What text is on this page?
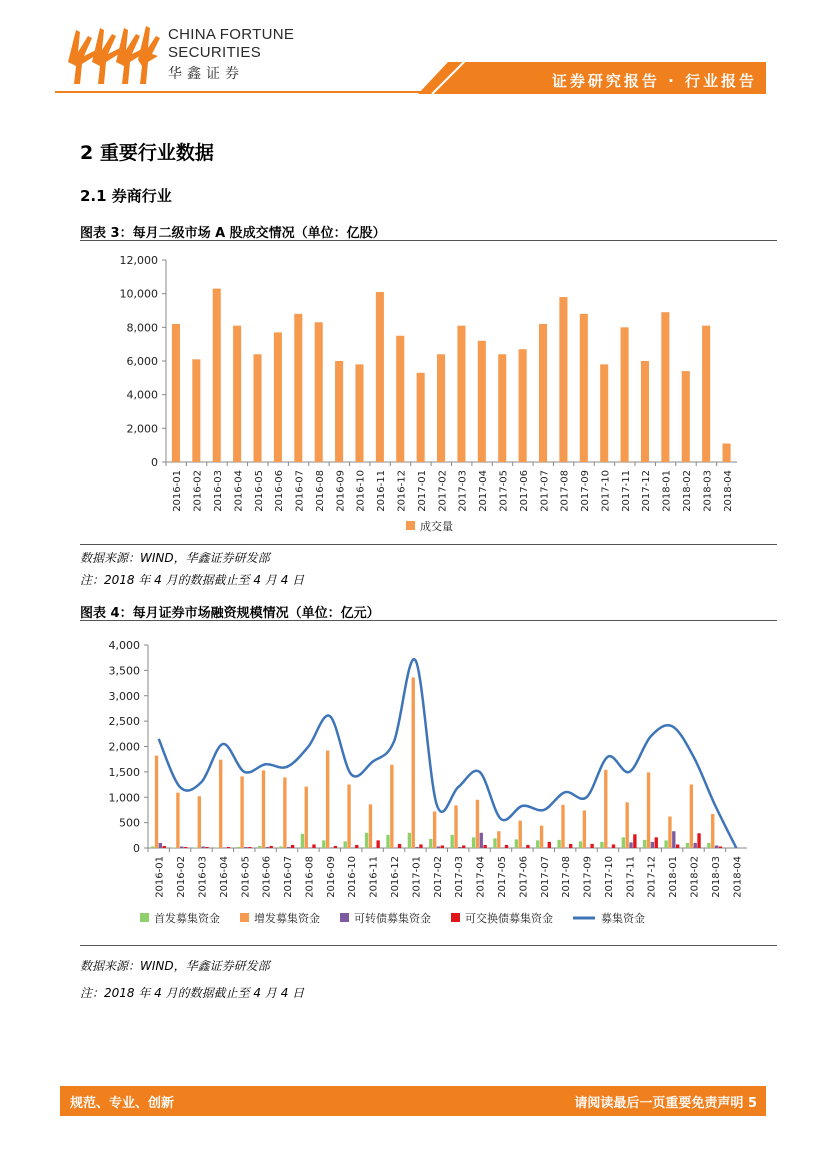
CHINA FORTUNE
SECURITIES
华鑫证券	证券研究报告 · 行业报告
2 重要行业数据
2.1 券商行业
图表 3：每月二级市场 A 股成交情况（单位：亿股）
0
2,000
4,000
6,000
8,000
10,000
12,000
2016-01 2016-02 2016-03 2016-04 2016-05 2016-06 2016-07 2016-08 2016-09 2016-10 2016-11 2016-12 2017-01 2017-02 2017-03 2017-04 2017-05 2017-06 2017-07 2017-08 2017-09 2017-10 2017-11 2017-12 2018-01 2018-02 2018-03 2018-04
成交量
数据来源：WIND，华鑫证券研发部
注：2018 年 4 月的数据截止至 4 月 4 日
图表 4：每月证券市场融资规模情况（单位：亿元）
0
500
1,000
1,500
2,000
2,500
3,000
3,500
4,000
2016-01 2016-02 2016-03 2016-04 2016-05 2016-06 2016-07 2016-08 2016-09 2016-10 2016-11 2016-12 2017-01 2017-02 2017-03 2017-04 2017-05 2017-06 2017-07 2017-08 2017-09 2017-10 2017-11 2017-12 2018-01 2018-02 2018-03 2018-04
首发募集资金	增发募集资金	可转债募集资金	可交换债募集资金	募集资金
数据来源：WIND，华鑫证券研发部
注：2018 年 4 月的数据截止至 4 月 4 日
规范、专业、创新	请阅读最后一页重要免责声明 5
